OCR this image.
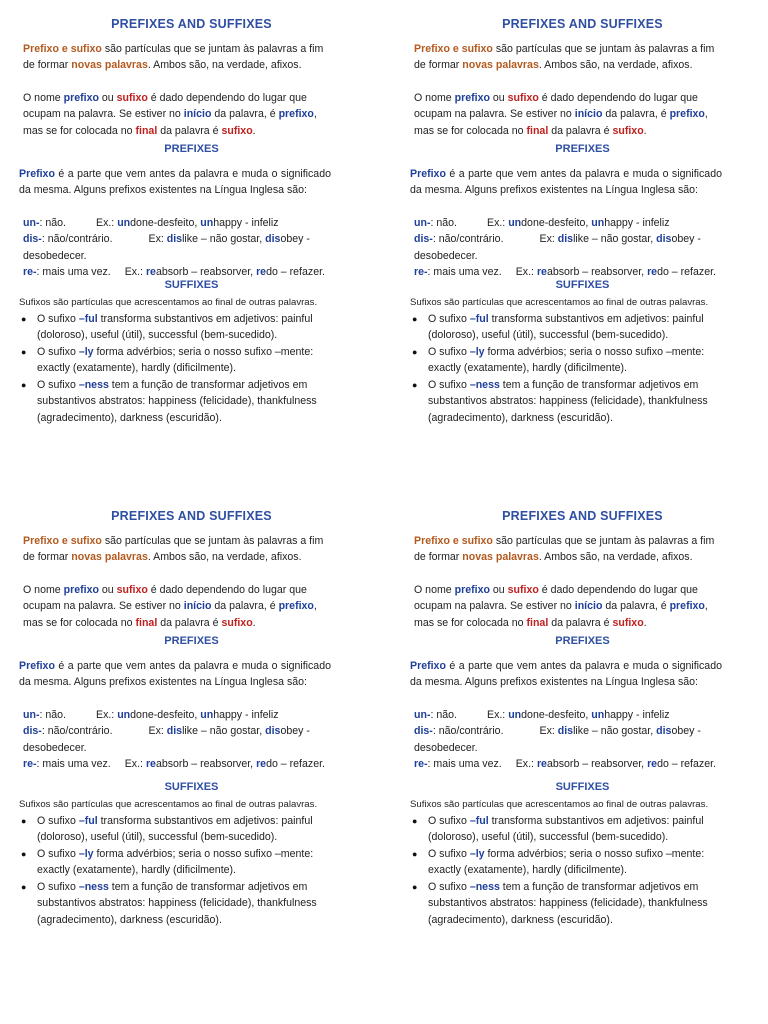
PREFIXES AND SUFFIXES
Prefixo e sufixo são partículas que se juntam às palavras a fim de formar novas palavras. Ambos são, na verdade, afixos.
O nome prefixo ou sufixo é dado dependendo do lugar que ocupam na palavra. Se estiver no início da palavra, é prefixo, mas se for colocada no final da palavra é sufixo.
PREFIXES
Prefixo é a parte que vem antes da palavra e muda o significado da mesma. Alguns prefixos existentes na Língua Inglesa são:
un-: não.	Ex.: undone-desfeito, unhappy - infeliz
dis-: não/contrário.	Ex: dislike – não gostar, disobey - desobedecer.
re-: mais uma vez. Ex.: reabsorb – reabsorver, redo – refazer.
SUFFIXES
Sufixos são partículas que acrescentamos ao final de outras palavras.
● O sufixo –ful transforma substantivos em adjetivos: painful (doloroso), useful (útil), successful (bem-sucedido).
● O sufixo –ly forma advérbios; seria o nosso sufixo –mente: exactly (exatamente), hardly (dificilmente).
● O sufixo –ness tem a função de transformar adjetivos em substantivos abstratos: happiness (felicidade), thankfulness (agradecimento), darkness (escuridão).
PREFIXES AND SUFFIXES
Prefixo e sufixo são partículas que se juntam às palavras a fim de formar novas palavras. Ambos são, na verdade, afixos.
O nome prefixo ou sufixo é dado dependendo do lugar que ocupam na palavra. Se estiver no início da palavra, é prefixo, mas se for colocada no final da palavra é sufixo.
PREFIXES
Prefixo é a parte que vem antes da palavra e muda o significado da mesma. Alguns prefixos existentes na Língua Inglesa são:
un-: não.	Ex.: undone-desfeito, unhappy - infeliz
dis-: não/contrário.	Ex: dislike – não gostar, disobey - desobedecer.
re-: mais uma vez. Ex.: reabsorb – reabsorver, redo – refazer.
SUFFIXES
Sufixos são partículas que acrescentamos ao final de outras palavras.
● O sufixo –ful transforma substantivos em adjetivos: painful (doloroso), useful (útil), successful (bem-sucedido).
● O sufixo –ly forma advérbios; seria o nosso sufixo –mente: exactly (exatamente), hardly (dificilmente).
● O sufixo –ness tem a função de transformar adjetivos em substantivos abstratos: happiness (felicidade), thankfulness (agradecimento), darkness (escuridão).
PREFIXES AND SUFFIXES
Prefixo e sufixo são partículas que se juntam às palavras a fim de formar novas palavras. Ambos são, na verdade, afixos.
O nome prefixo ou sufixo é dado dependendo do lugar que ocupam na palavra. Se estiver no início da palavra, é prefixo, mas se for colocada no final da palavra é sufixo.
PREFIXES
Prefixo é a parte que vem antes da palavra e muda o significado da mesma. Alguns prefixos existentes na Língua Inglesa são:
un-: não.	Ex.: undone-desfeito, unhappy - infeliz
dis-: não/contrário.	Ex: dislike – não gostar, disobey - desobedecer.
re-: mais uma vez. Ex.: reabsorb – reabsorver, redo – refazer.
SUFFIXES
Sufixos são partículas que acrescentamos ao final de outras palavras.
● O sufixo –ful transforma substantivos em adjetivos: painful (doloroso), useful (útil), successful (bem-sucedido).
● O sufixo –ly forma advérbios; seria o nosso sufixo –mente: exactly (exatamente), hardly (dificilmente).
● O sufixo –ness tem a função de transformar adjetivos em substantivos abstratos: happiness (felicidade), thankfulness (agradecimento), darkness (escuridão).
PREFIXES AND SUFFIXES
Prefixo e sufixo são partículas que se juntam às palavras a fim de formar novas palavras. Ambos são, na verdade, afixos.
O nome prefixo ou sufixo é dado dependendo do lugar que ocupam na palavra. Se estiver no início da palavra, é prefixo, mas se for colocada no final da palavra é sufixo.
PREFIXES
Prefixo é a parte que vem antes da palavra e muda o significado da mesma. Alguns prefixos existentes na Língua Inglesa são:
un-: não.	Ex.: undone-desfeito, unhappy - infeliz
dis-: não/contrário.	Ex: dislike – não gostar, disobey - desobedecer.
re-: mais uma vez. Ex.: reabsorb – reabsorver, redo – refazer.
SUFFIXES
Sufixos são partículas que acrescentamos ao final de outras palavras.
● O sufixo –ful transforma substantivos em adjetivos: painful (doloroso), useful (útil), successful (bem-sucedido).
● O sufixo –ly forma advérbios; seria o nosso sufixo –mente: exactly (exatamente), hardly (dificilmente).
● O sufixo –ness tem a função de transformar adjetivos em substantivos abstratos: happiness (felicidade), thankfulness (agradecimento), darkness (escuridão).
